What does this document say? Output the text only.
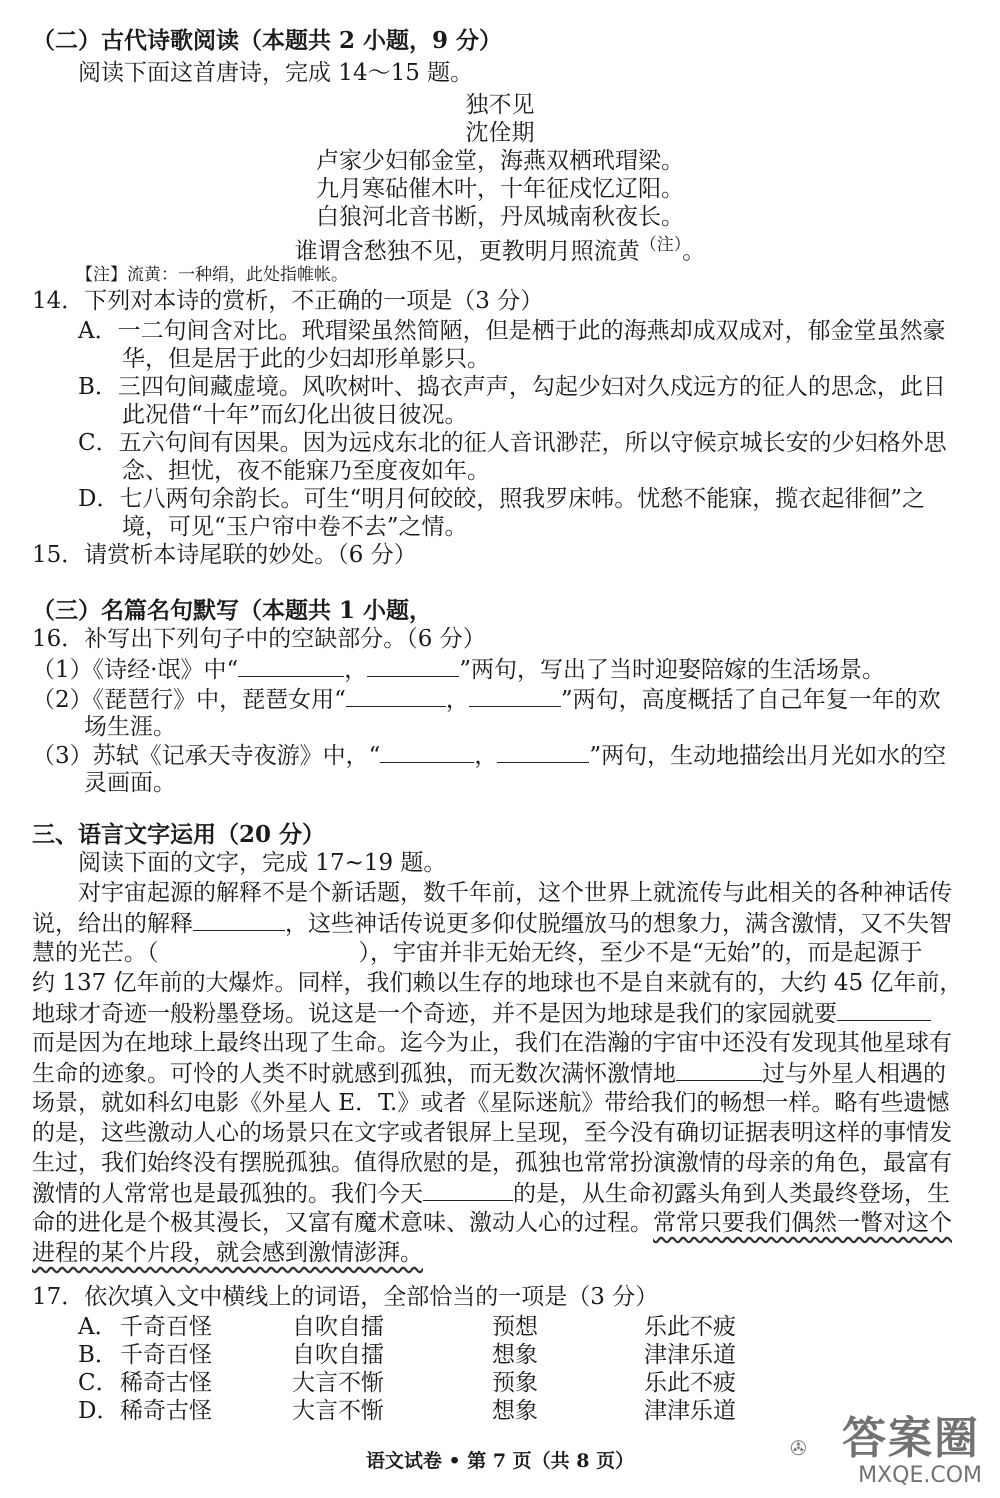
（二）古代诗歌阅读（本题共 2 小题，9 分）
阅读下面这首唐诗，完成 14～15 题。
独不见
沈佺期
卢家少妇郁金堂，海燕双栖玳瑁梁。
九月寒砧催木叶，十年征戍忆辽阳。
白狼河北音书断，丹凤城南秋夜长。
谁谓含愁独不见，更教明月照流黄$^{(注)}$。
【注】流黄：一种绢，此处指帷帐。
14．下列对本诗的赏析，不正确的一项是（3 分）
A．一二句间含对比。玳瑁梁虽然简陋，但是栖于此的海燕却成双成对，郁金堂虽然豪
华，但是居于此的少妇却形单影只。
B．三四句间藏虚境。风吹树叶、捣衣声声，勾起少妇对久戍远方的征人的思念，此日
此况借“十年”而幻化出彼日彼况。
C．五六句间有因果。因为远戍东北的征人音讯渺茫，所以守候京城长安的少妇格外思
念、担忧，夜不能寐乃至度夜如年。
D．七八两句余韵长。可生“明月何皎皎，照我罗床帏。忧愁不能寐，揽衣起徘徊”之
境，可见“玉户帘中卷不去”之情。
15．请赏析本诗尾联的妙处。（6 分）
（三）名篇名句默写（本题共 1 小题，
16．补写出下列句子中的空缺部分。（6 分）
（1）《诗经·氓》中“	，	”两句，写出了当时迎娶陪嫁的生活场景。
（2）《琵琶行》中，琵琶女用“	，	”两句，高度概括了自己年复一年的欢
场生涯。
（3）苏轼《记承天寺夜游》中，“	，	”两句，生动地描绘出月光如水的空
灵画面。
三、语言文字运用（20 分）
阅读下面的文字，完成 17~19 题。
对宇宙起源的解释不是个新话题，数千年前，这个世界上就流传与此相关的各种神话传
说，给出的解释	，这些神话传说更多仰仗脱缰放马的想象力，满含激情，又不失智
慧的光芒。（	），宇宙并非无始无终，至少不是“无始”的，而是起源于
约 137 亿年前的大爆炸。同样，我们赖以生存的地球也不是自来就有的，大约 45 亿年前，
地球才奇迹一般粉墨登场。说这是一个奇迹，并不是因为地球是我们的家园就要
而是因为在地球上最终出现了生命。迄今为止，我们在浩瀚的宇宙中还没有发现其他星球有
生命的迹象。可怜的人类不时就感到孤独，而无数次满怀激情地	过与外星人相遇的
场景，就如科幻电影《外星人 E．T.》或者《星际迷航》带给我们的畅想一样。略有些遗憾
的是，这些激动人心的场景只在文字或者银屏上呈现，至今没有确切证据表明这样的事情发
生过，我们始终没有摆脱孤独。值得欣慰的是，孤独也常常扮演激情的母亲的角色，最富有
激情的人常常也是最孤独的。我们今天	的是，从生命初露头角到人类最终登场，生
命的进化是个极其漫长，又富有魔术意味、激动人心的过程。常常只要我们偶然一瞥对这个
进程的某个片段，就会感到激情澎湃。
17．依次填入文中横线上的词语，全部恰当的一项是（3 分）
A． 千奇百怪	自吹自擂	预想	乐此不疲
B． 千奇百怪	自吹自擂	想象	津津乐道
C． 稀奇古怪	大言不惭	预象	乐此不疲
D． 稀奇古怪	大言不惭	想象	津津乐道
语文试卷 • 第 7 页（共 8 页）
✇ 答案圈
MXQE.COM
